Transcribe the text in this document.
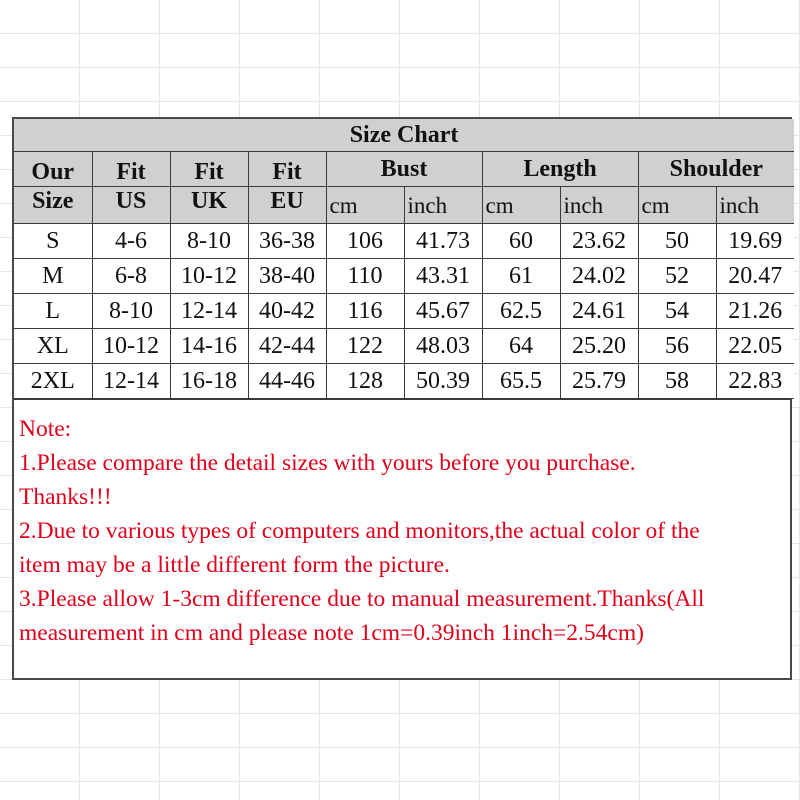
Size Chart									
Our	Fit	Fit	Fit	Bust		Length		Shoulder	
Size	US	UK	EU	cm	inch	cm	inch	cm	inch
S	4-6	8-10	36-38	106	41.73	60	23.62	50	19.69
M	6-8	10-12	38-40	110	43.31	61	24.02	52	20.47
L	8-10	12-14	40-42	116	45.67	62.5	24.61	54	21.26
XL	10-12	14-16	42-44	122	48.03	64	25.20	56	22.05
2XL	12-14	16-18	44-46	128	50.39	65.5	25.79	58	22.83
Note:
1.Please compare the detail sizes with yours before you purchase.
Thanks!!!
2.Due to various types of computers and monitors,the actual color of the
item may be a little different form the picture.
3.Please allow 1-3cm difference due to manual measurement.Thanks(All
measurement in cm and please note 1cm=0.39inch 1inch=2.54cm)
